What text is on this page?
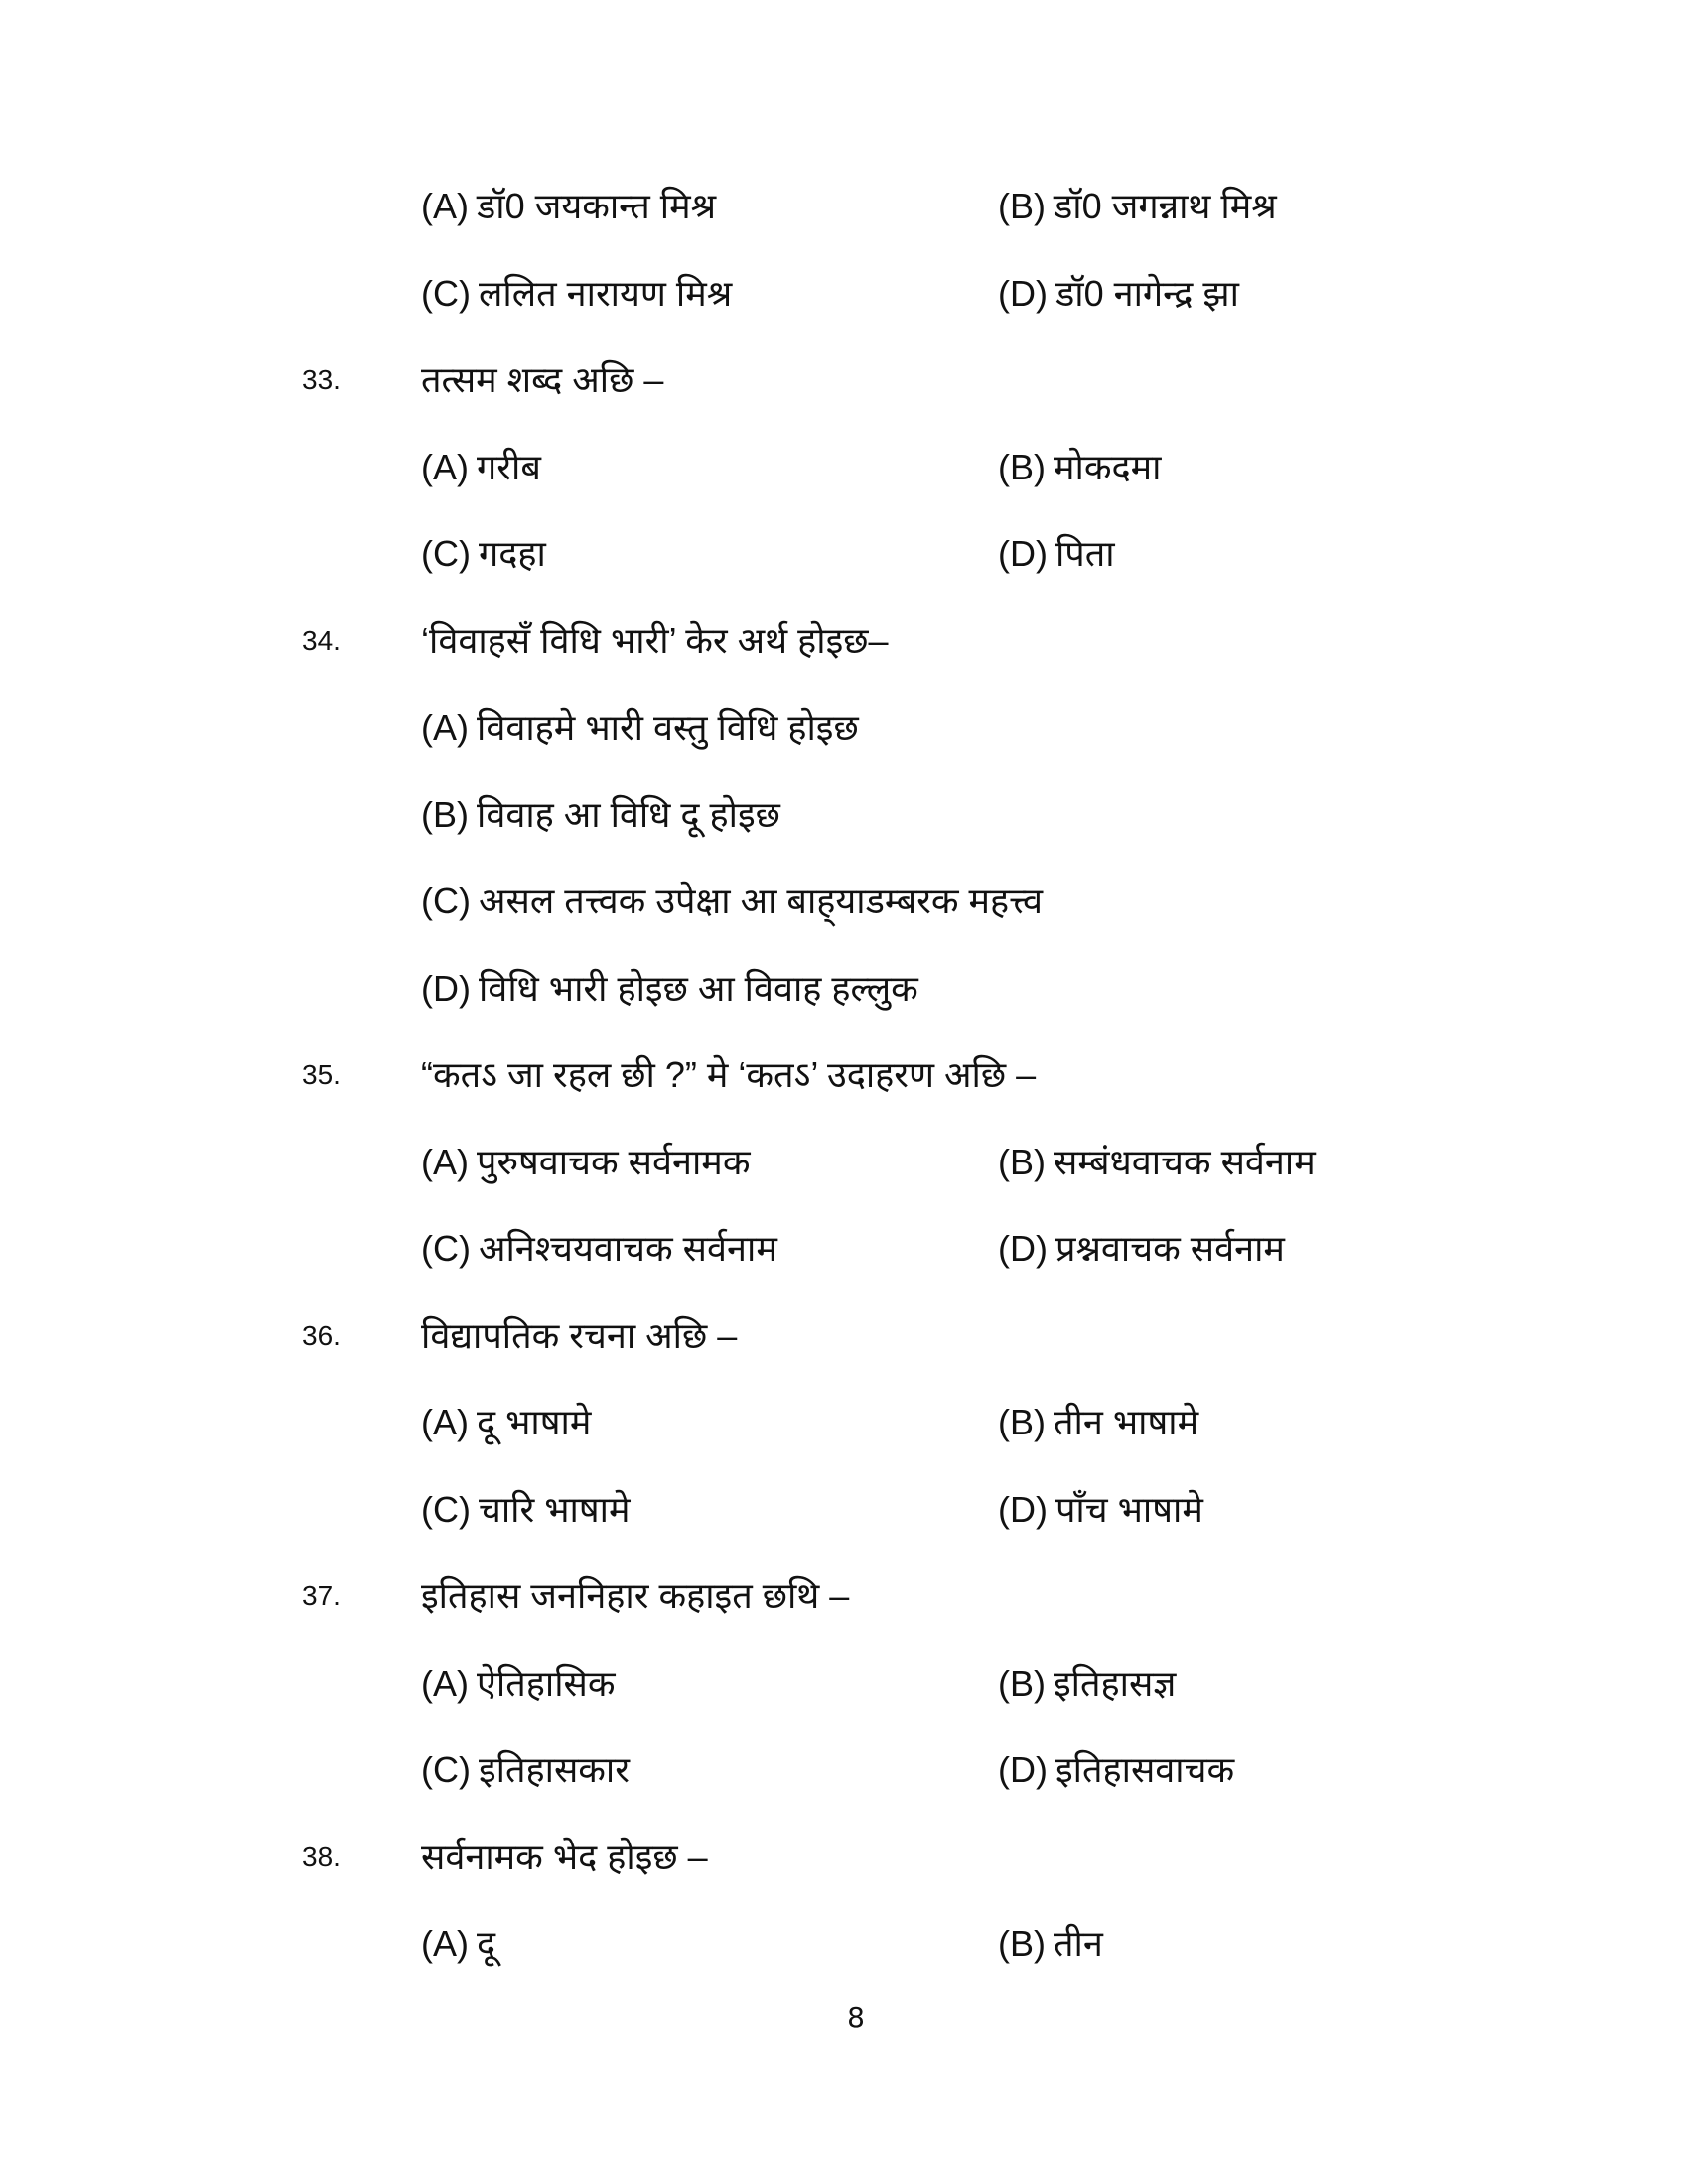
(A) डॉ0 जयकान्त मिश्र	(B) डॉ0 जगन्नाथ मिश्र
(C) ललित नारायण मिश्र	(D) डॉ0 नागेन्द्र झा
33. तत्सम शब्द अछि –
(A) गरीब	(B) मोकदमा
(C) गदहा	(D) पिता
34. ‘विवाहसँ विधि भारी’ केर अर्थ होइछ–
(A) विवाहमे भारी वस्तु विधि होइछ
(B) विवाह आ विधि दू होइछ
(C) असल तत्त्वक उपेक्षा आ बाह्‌याडम्बरक महत्त्व
(D) विधि भारी होइछ आ विवाह हल्लुक
35. “कतऽ जा रहल छी ?” मे ‘कतऽ’ उदाहरण अछि –
(A) पुरुषवाचक सर्वनामक	(B) सम्बंधवाचक सर्वनाम
(C) अनिश्चयवाचक सर्वनाम	(D) प्रश्नवाचक सर्वनाम
36. विद्यापतिक रचना अछि –
(A) दू भाषामे	(B) तीन भाषामे
(C) चारि भाषामे	(D) पाँच भाषामे
37. इतिहास जननिहार कहाइत छथि –
(A) ऐतिहासिक	(B) इतिहासज्ञ
(C) इतिहासकार	(D) इतिहासवाचक
38. सर्वनामक भेद होइछ –
(A) दू	(B) तीन
8
